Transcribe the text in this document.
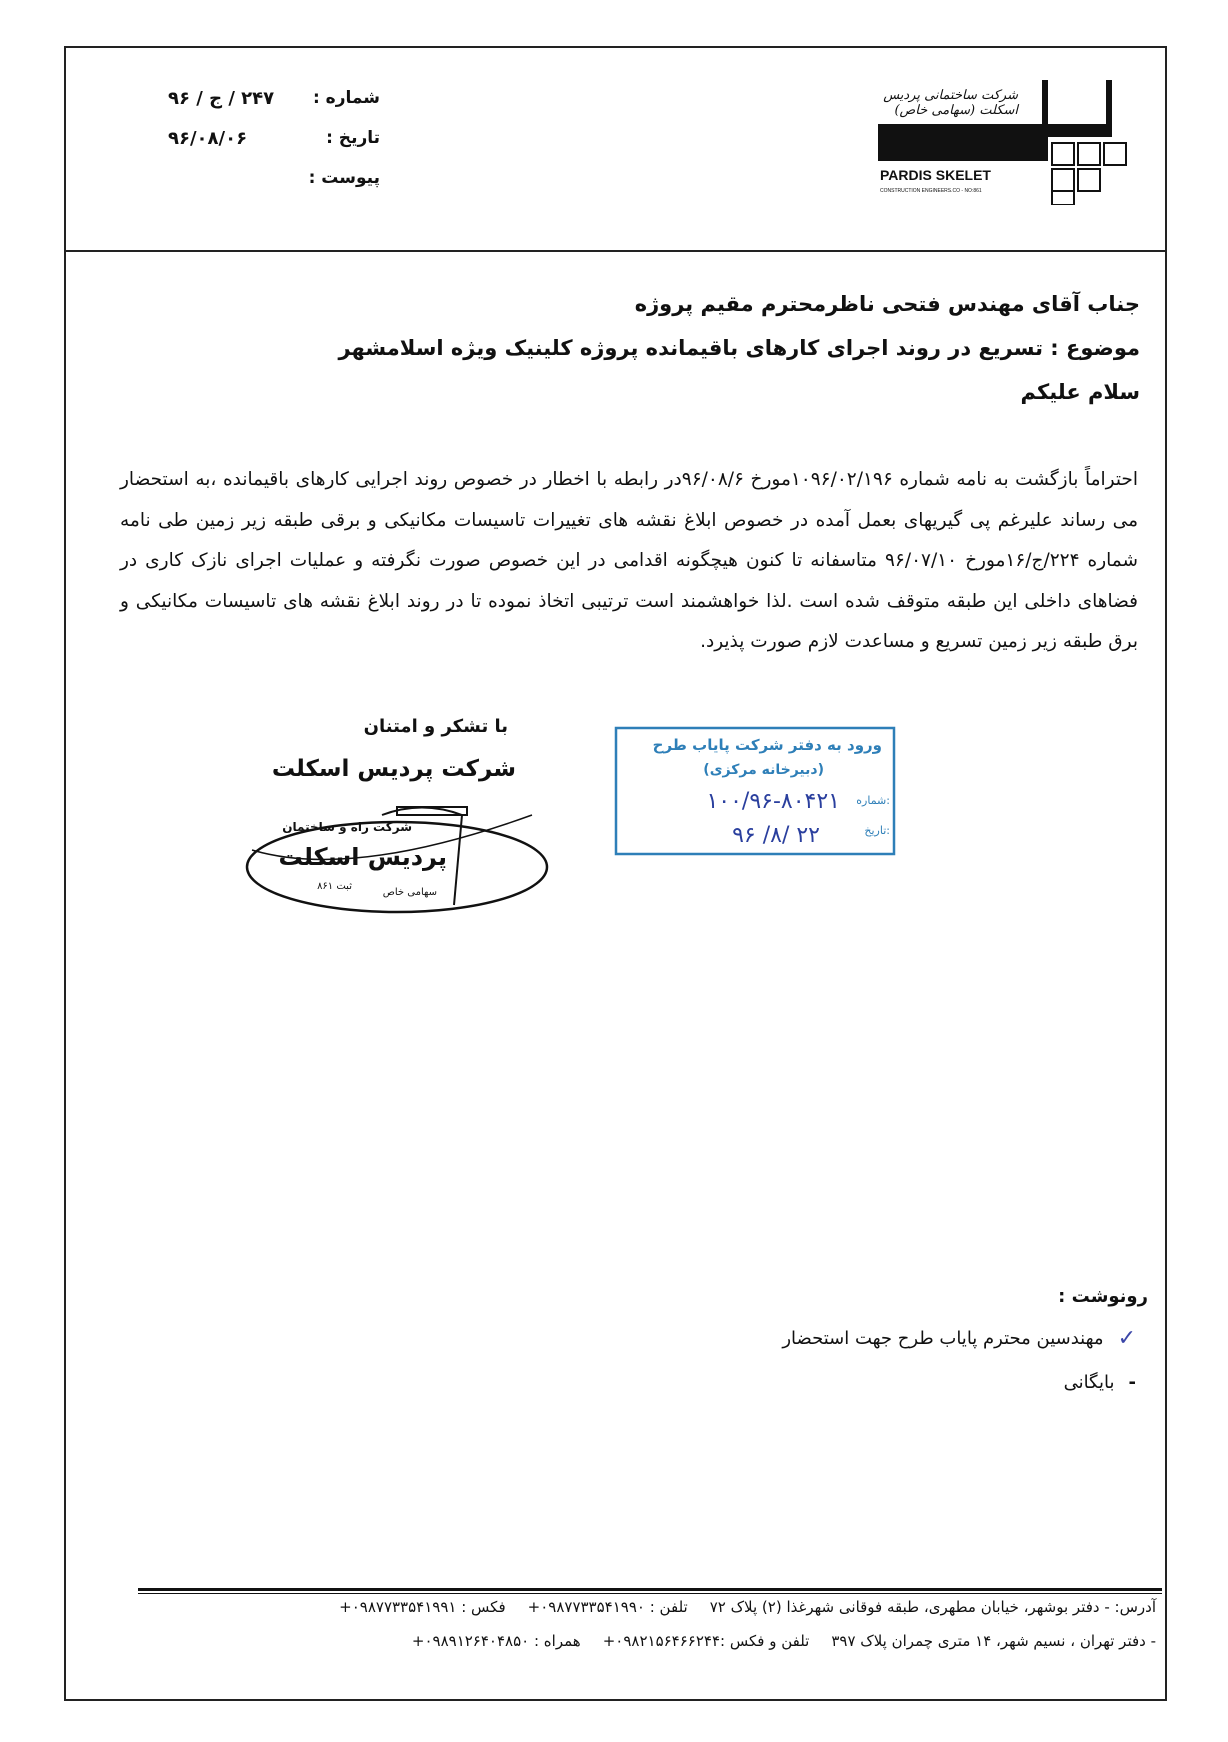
شماره :
۲۴۷ / ج / ۹۶
تاریخ :
۹۶/۰۸/۰۶
پیوست :
شرکت ساختمانی پردیس اسکلت (سهامی خاص)
PARDIS SKELET
CONSTRUCTION ENGINEERS.CO - NO:861
جناب آقای مهندس فتحی ناظرمحترم مقیم پروژه
موضوع : تسریع در روند اجرای کارهای باقیمانده پروژه کلینیک ویژه اسلامشهر
سلام علیکم

احتراماً بازگشت به نامه شماره ۱۰۹۶/۰۲/۱۹۶مورخ ۹۶/۰۸/۶در رابطه با اخطار در خصوص روند اجرایی کارهای باقیمانده ،به استحضار می رساند علیرغم پی گیریهای بعمل آمده در خصوص ابلاغ نقشه های تغییرات تاسیسات مکانیکی و برقی طبقه زیر زمین طی نامه شماره ۲۲۴/ج/۱۶مورخ ۹۶/۰۷/۱۰ متاسفانه تا کنون هیچگونه اقدامی در این خصوص صورت نگرفته و عملیات اجرای نازک کاری در فضاهای داخلی این طبقه متوقف شده است .لذا خواهشمند است ترتیبی اتخاذ نموده تا در روند ابلاغ نقشه های تاسیسات مکانیکی و برق طبقه زیر زمین تسریع و مساعدت لازم صورت پذیرد.

با تشکر و امتنان
شرکت پردیس اسکلت
شرکت راه و ساختمان
پردیس اسکلت
سهامی خاص
ثبت ۸۶۱
ورود به دفتر شرکت پایاب طرح
(دبیرخانه مرکزی)
شماره:
۱۰۰/۹۶-۸۰۴۲۱
تاریخ:
۹۶ /۸/ ۲۲
رونوشت :
✓
مهندسین محترم پایاب طرح جهت استحضار
-
بایگانی
آدرس: - دفتر بوشهر، خیابان مطهری، طبقه فوقانی شهرغذا (۲) پلاک ۷۲
تلفن : ۰۹۸۷۷۳۳۵۴۱۹۹۰+
فکس : ۰۹۸۷۷۳۳۵۴۱۹۹۱+
- دفتر تهران ، نسیم شهر، ۱۴ متری چمران پلاک ۳۹۷
تلفن و فکس :۰۹۸۲۱۵۶۴۶۶۲۴۴+
همراه : ۰۹۸۹۱۲۶۴۰۴۸۵۰+
